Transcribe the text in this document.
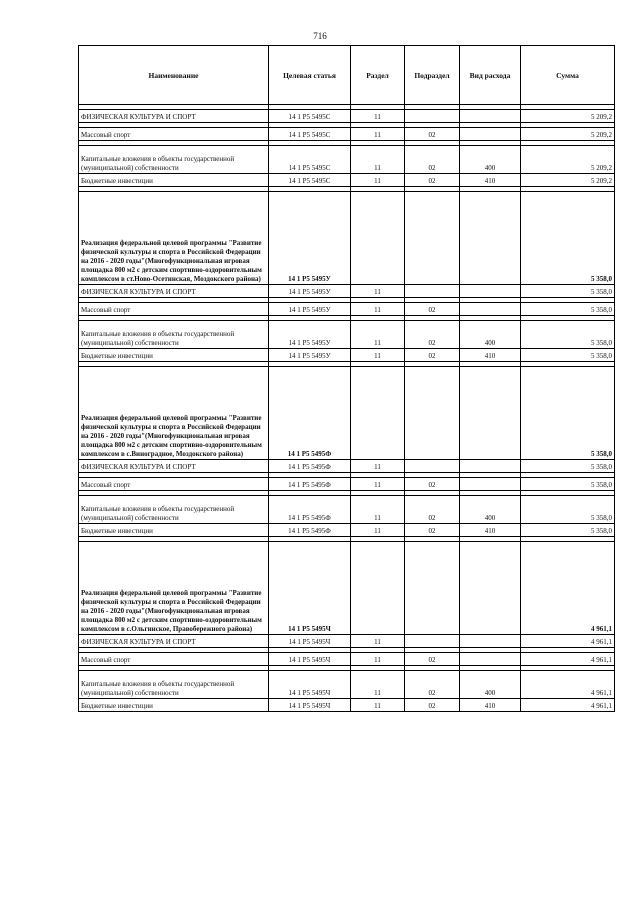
716
Наименование	Целевая статья	Раздел	Подраздел	Вид расхода	Сумма

ФИЗИЧЕСКАЯ КУЛЬТУРА И СПОРТ	14 1 P5 5495С	11			5 209,2

Массовый спорт	14 1 P5 5495С	11	02		5 209,2

Капитальные вложения в объекты государственной (муниципальной) собственности	14 1 P5 5495С	11	02	400	5 209,2
Бюджетные инвестиции	14 1 P5 5495С	11	02	410	5 209,2

Реализация федеральной целевой программы "Развитие физической культуры и спорта в Российской Федерации на 2016 - 2020 годы"(Многофункциональная игровая площадка 800 м2 с детским спортивно-оздоровительным комплексом в ст.Ново-Осетинская, Моздокского района)	14 1 P5 5495У				5 358,0
ФИЗИЧЕСКАЯ КУЛЬТУРА И СПОРТ	14 1 P5 5495У	11			5 358,0

Массовый спорт	14 1 P5 5495У	11	02		5 358,0

Капитальные вложения в объекты государственной (муниципальной) собственности	14 1 P5 5495У	11	02	400	5 358,0
Бюджетные инвестиции	14 1 P5 5495У	11	02	410	5 358,0

Реализация федеральной целевой программы "Развитие физической культуры и спорта в Российской Федерации на 2016 - 2020 годы"(Многофункциональная игровая площадка 800 м2 с детским спортивно-оздоровительным комплексом в с.Виноградное, Моздокского района)	14 1 P5 5495Ф				5 358,0
ФИЗИЧЕСКАЯ КУЛЬТУРА И СПОРТ	14 1 P5 5495Ф	11			5 358,0

Массовый спорт	14 1 P5 5495Ф	11	02		5 358,0

Капитальные вложения в объекты государственной (муниципальной) собственности	14 1 P5 5495Ф	11	02	400	5 358,0
Бюджетные инвестиции	14 1 P5 5495Ф	11	02	410	5 358,0

Реализация федеральной целевой программы "Развитие физической культуры и спорта в Российской Федерации на 2016 - 2020 годы"(Многофункциональная игровая площадка 800 м2 с детским спортивно-оздоровительным комплексом в с.Ольгинское, Правобережного района)	14 1 P5 5495Ч				4 961,1
ФИЗИЧЕСКАЯ КУЛЬТУРА И СПОРТ	14 1 P5 5495Ч	11			4 961,1

Массовый спорт	14 1 P5 5495Ч	11	02		4 961,1

Капитальные вложения в объекты государственной (муниципальной) собственности	14 1 P5 5495Ч	11	02	400	4 961,1
Бюджетные инвестиции	14 1 P5 5495Ч	11	02	410	4 961,1
